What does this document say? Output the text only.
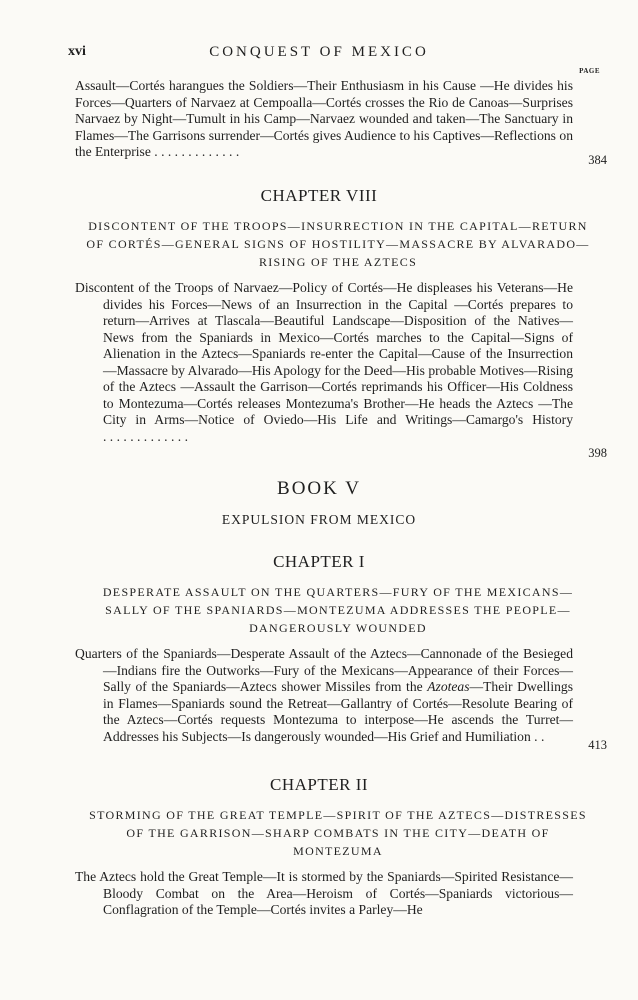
xvi	CONQUEST OF MEXICO
PAGE
Assault—Cortés harangues the Soldiers—Their Enthusiasm in his Cause —He divides his Forces—Quarters of Narvaez at Cempoalla—Cortés crosses the Rio de Canoas—Surprises Narvaez by Night—Tumult in his Camp—Narvaez wounded and taken—The Sanctuary in Flames—The Garrisons surrender—Cortés gives Audience to his Captives—Reflections on the Enterprise . . . . . . . . . . . . .
384
CHAPTER VIII
DISCONTENT OF THE TROOPS—INSURRECTION IN THE CAPITAL—RETURN
OF CORTÉS—GENERAL SIGNS OF HOSTILITY—MASSACRE BY ALVARADO—
RISING OF THE AZTECS
Discontent of the Troops of Narvaez—Policy of Cortés—He displeases his Veterans—He divides his Forces—News of an Insurrection in the Capital —Cortés prepares to return—Arrives at Tlascala—Beautiful Landscape—Disposition of the Natives—News from the Spaniards in Mexico—Cortés marches to the Capital—Signs of Alienation in the Aztecs—Spaniards re-enter the Capital—Cause of the Insurrection—Massacre by Alvarado—His Apology for the Deed—His probable Motives—Rising of the Aztecs —Assault the Garrison—Cortés reprimands his Officer—His Coldness to Montezuma—Cortés releases Montezuma's Brother—He heads the Aztecs —The City in Arms—Notice of Oviedo—His Life and Writings—Camargo's History . . . . . . . . . . . . .
398
BOOK V
EXPULSION FROM MEXICO
CHAPTER I
DESPERATE ASSAULT ON THE QUARTERS—FURY OF THE MEXICANS—
SALLY OF THE SPANIARDS—MONTEZUMA ADDRESSES THE PEOPLE—
DANGEROUSLY WOUNDED
Quarters of the Spaniards—Desperate Assault of the Aztecs—Cannonade of the Besieged—Indians fire the Outworks—Fury of the Mexicans—Appearance of their Forces—Sally of the Spaniards—Aztecs shower Missiles from the Azoteas—Their Dwellings in Flames—Spaniards sound the Retreat—Gallantry of Cortés—Resolute Bearing of the Aztecs—Cortés requests Montezuma to interpose—He ascends the Turret—Addresses his Subjects—Is dangerously wounded—His Grief and Humiliation . .
413
CHAPTER II
STORMING OF THE GREAT TEMPLE—SPIRIT OF THE AZTECS—DISTRESSES
OF THE GARRISON—SHARP COMBATS IN THE CITY—DEATH OF
MONTEZUMA
The Aztecs hold the Great Temple—It is stormed by the Spaniards—Spirited Resistance—Bloody Combat on the Area—Heroism of Cortés—Spaniards victorious—Conflagration of the Temple—Cortés invites a Parley—He
